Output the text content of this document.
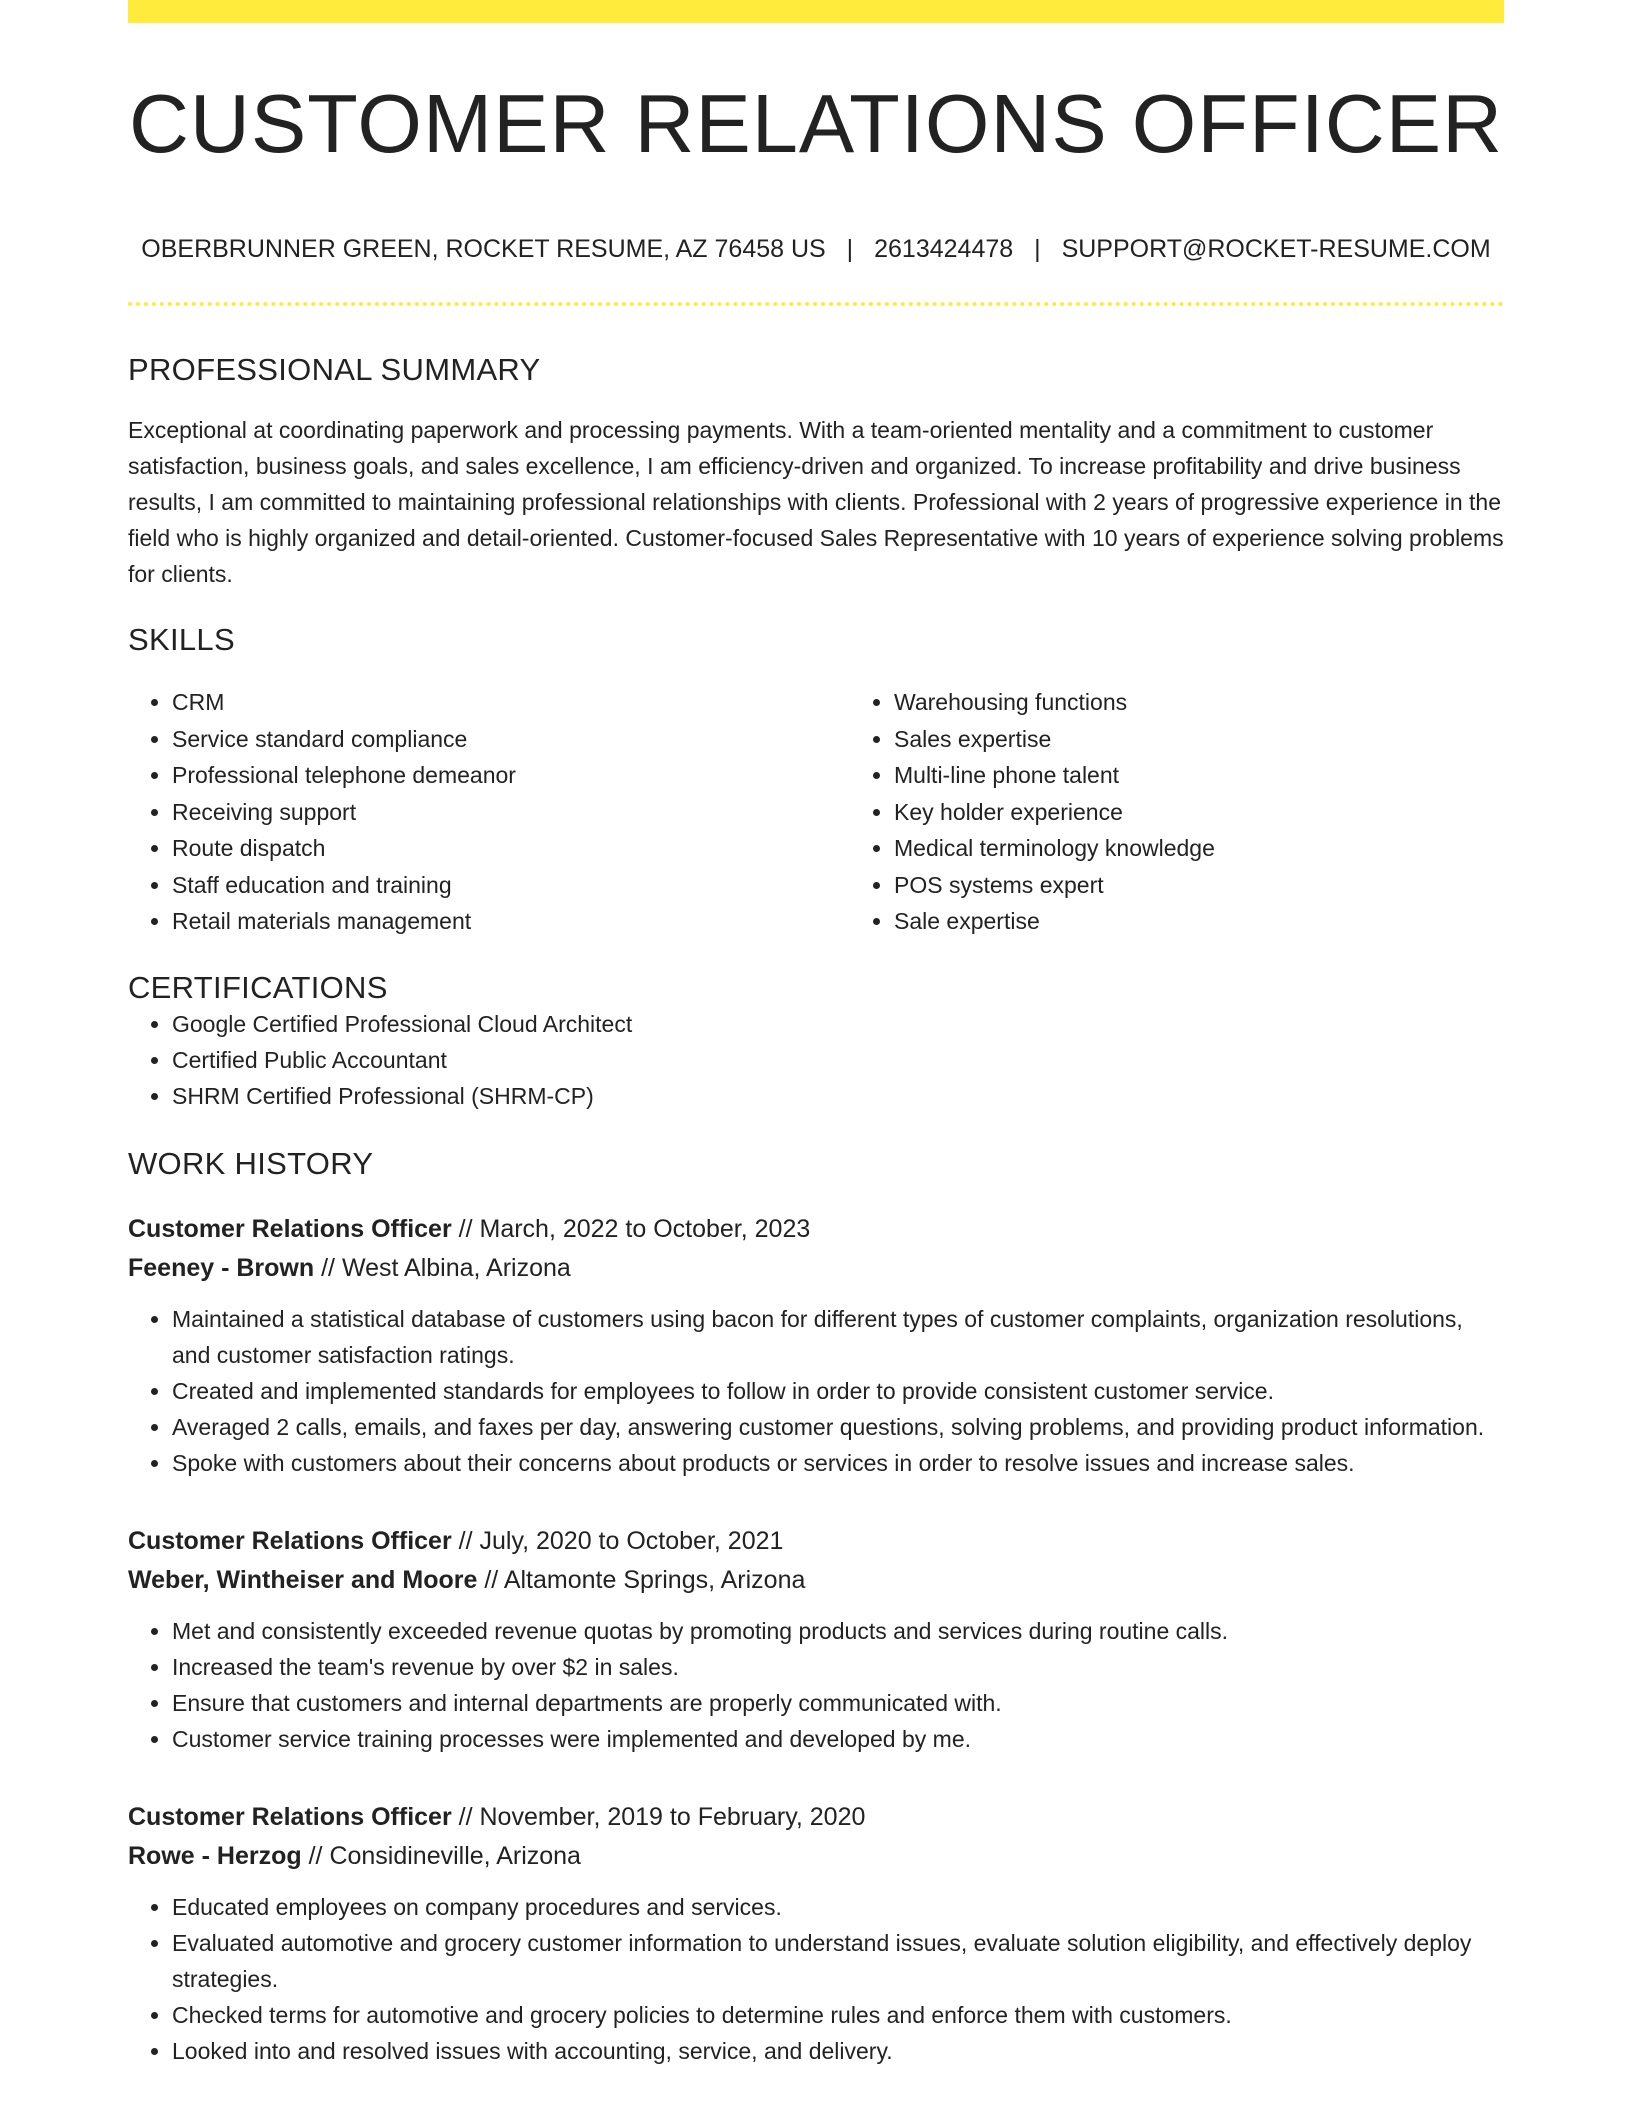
CUSTOMER RELATIONS OFFICER
OBERBRUNNER GREEN, ROCKET RESUME, AZ 76458 US | 2613424478 | SUPPORT@ROCKET-RESUME.COM
PROFESSIONAL SUMMARY

Exceptional at coordinating paperwork and processing payments. With a team-oriented mentality and a commitment to customer satisfaction, business goals, and sales excellence, I am efficiency-driven and organized. To increase profitability and drive business results, I am committed to maintaining professional relationships with clients. Professional with 2 years of progressive experience in the field who is highly organized and detail-oriented. Customer-focused Sales Representative with 10 years of experience solving problems for clients.

SKILLS
• CRM
• Service standard compliance
• Professional telephone demeanor
• Receiving support
• Route dispatch
• Staff education and training
• Retail materials management
• Warehousing functions
• Sales expertise
• Multi-line phone talent
• Key holder experience
• Medical terminology knowledge
• POS systems expert
• Sale expertise
CERTIFICATIONS
• Google Certified Professional Cloud Architect
• Certified Public Accountant
• SHRM Certified Professional (SHRM-CP)
WORK HISTORY
Customer Relations Officer // March, 2022 to October, 2023
Feeney - Brown // West Albina, Arizona
• Maintained a statistical database of customers using bacon for different types of customer complaints, organization resolutions, and customer satisfaction ratings.
• Created and implemented standards for employees to follow in order to provide consistent customer service.
• Averaged 2 calls, emails, and faxes per day, answering customer questions, solving problems, and providing product information.
• Spoke with customers about their concerns about products or services in order to resolve issues and increase sales.
Customer Relations Officer // July, 2020 to October, 2021
Weber, Wintheiser and Moore // Altamonte Springs, Arizona
• Met and consistently exceeded revenue quotas by promoting products and services during routine calls.
• Increased the team's revenue by over $2 in sales.
• Ensure that customers and internal departments are properly communicated with.
• Customer service training processes were implemented and developed by me.
Customer Relations Officer // November, 2019 to February, 2020
Rowe - Herzog // Considineville, Arizona
• Educated employees on company procedures and services.
• Evaluated automotive and grocery customer information to understand issues, evaluate solution eligibility, and effectively deploy strategies.
• Checked terms for automotive and grocery policies to determine rules and enforce them with customers.
• Looked into and resolved issues with accounting, service, and delivery.
